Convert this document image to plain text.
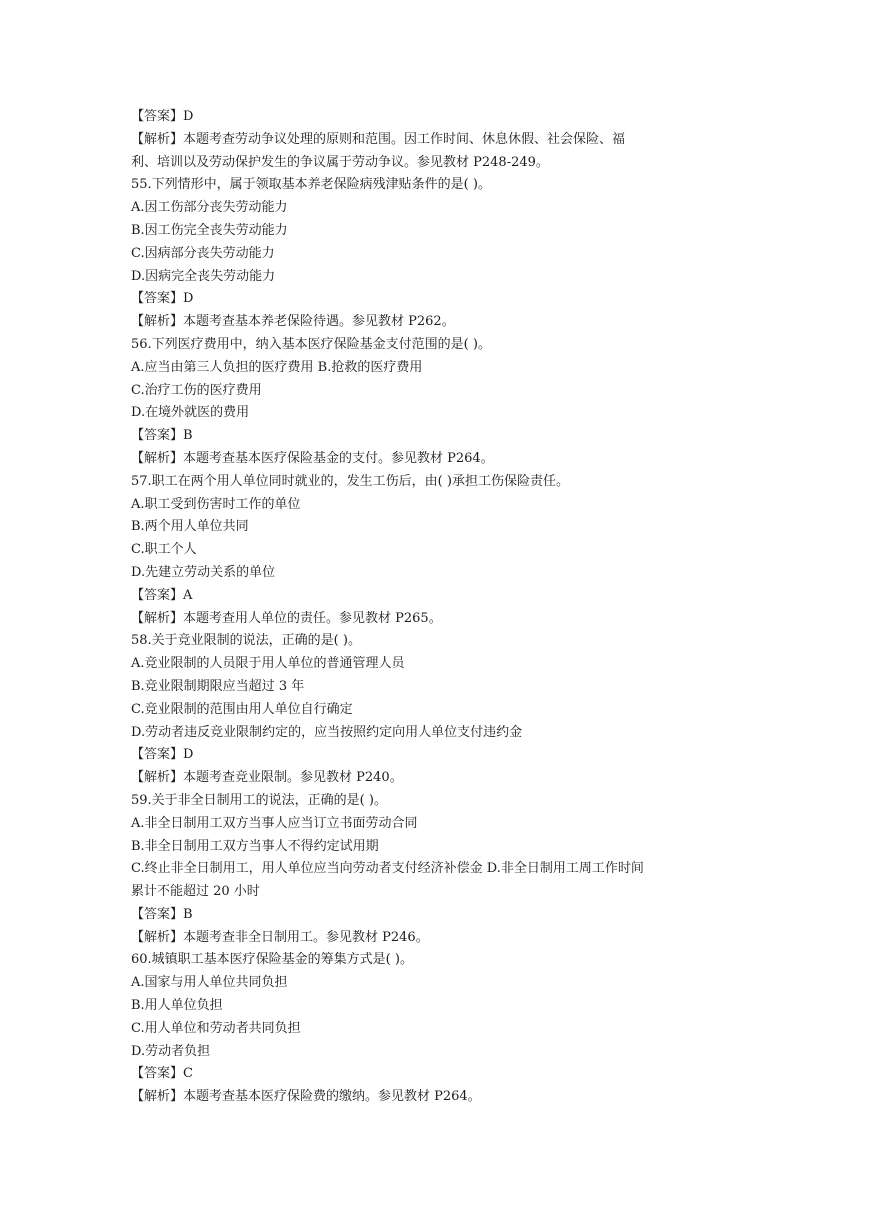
【答案】D

【解析】本题考查劳动争议处理的原则和范围。因工作时间、休息休假、社会保险、福

利、培训以及劳动保护发生的争议属于劳动争议。参见教材 P248-249。

55.下列情形中，属于领取基本养老保险病残津贴条件的是( )。

A.因工伤部分丧失劳动能力

B.因工伤完全丧失劳动能力

C.因病部分丧失劳动能力

D.因病完全丧失劳动能力

【答案】D

【解析】本题考查基本养老保险待遇。参见教材 P262。

56.下列医疗费用中，纳入基本医疗保险基金支付范围的是( )。

A.应当由第三人负担的医疗费用 B.抢救的医疗费用

C.治疗工伤的医疗费用

D.在境外就医的费用

【答案】B

【解析】本题考查基本医疗保险基金的支付。参见教材 P264。

57.职工在两个用人单位同时就业的，发生工伤后，由( )承担工伤保险责任。

A.职工受到伤害时工作的单位

B.两个用人单位共同

C.职工个人

D.先建立劳动关系的单位

【答案】A

【解析】本题考查用人单位的责任。参见教材 P265。

58.关于竞业限制的说法，正确的是( )。

A.竞业限制的人员限于用人单位的普通管理人员

B.竞业限制期限应当超过 3 年

C.竞业限制的范围由用人单位自行确定

D.劳动者违反竞业限制约定的，应当按照约定向用人单位支付违约金

【答案】D

【解析】本题考查竞业限制。参见教材 P240。

59.关于非全日制用工的说法，正确的是( )。

A.非全日制用工双方当事人应当订立书面劳动合同

B.非全日制用工双方当事人不得约定试用期

C.终止非全日制用工，用人单位应当向劳动者支付经济补偿金 D.非全日制用工周工作时间

累计不能超过 20 小时

【答案】B

【解析】本题考查非全日制用工。参见教材 P246。

60.城镇职工基本医疗保险基金的筹集方式是( )。

A.国家与用人单位共同负担

B.用人单位负担

C.用人单位和劳动者共同负担

D.劳动者负担

【答案】C

【解析】本题考查基本医疗保险费的缴纳。参见教材 P264。
